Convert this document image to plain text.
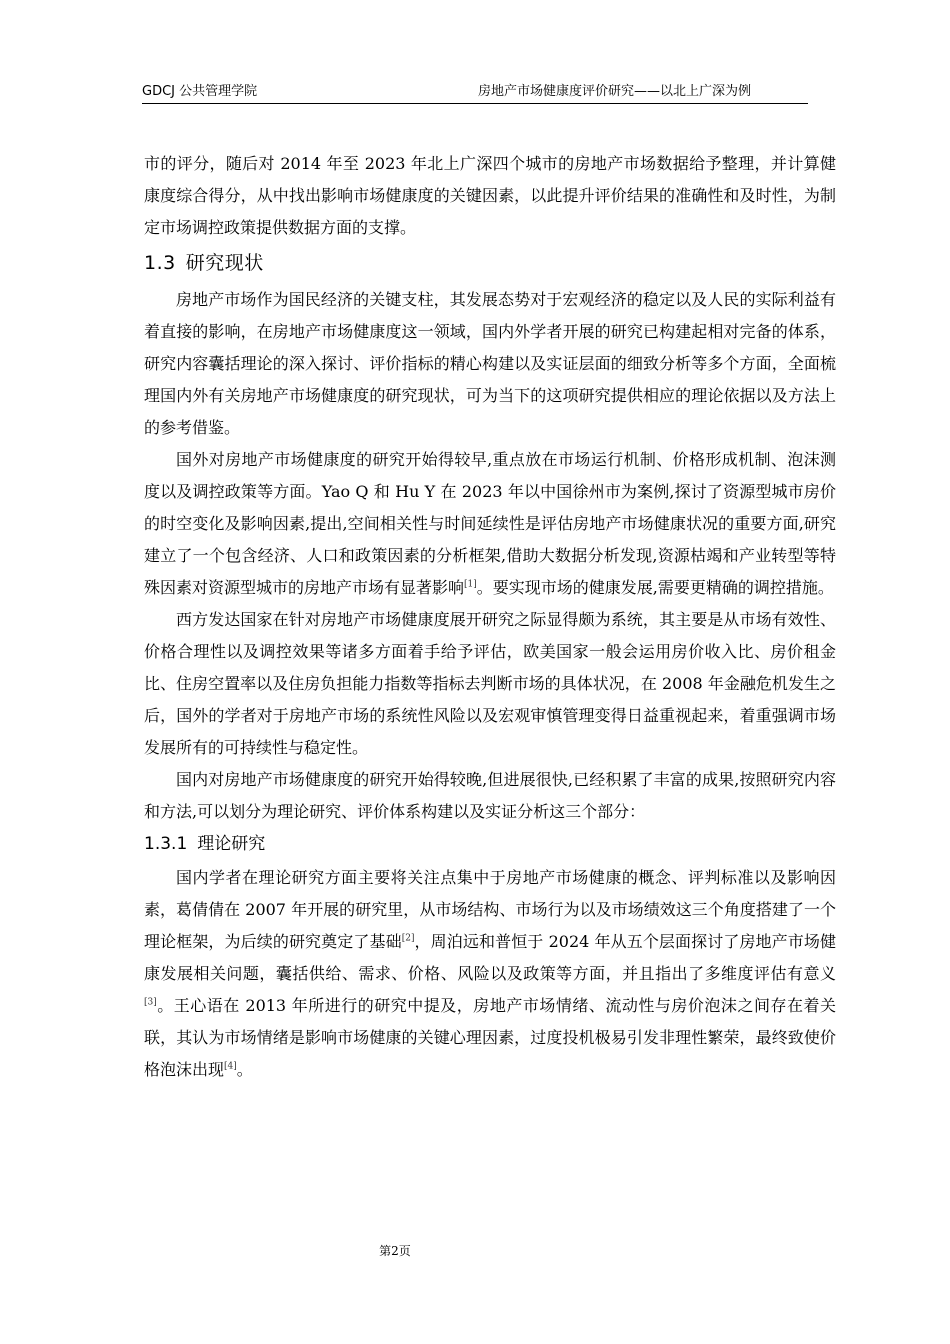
GDCJ 公共管理学院	房地产市场健康度评价研究——以北上广深为例

市的评分，随后对 2014 年至 2023 年北上广深四个城市的房地产市场数据给予整理，并计算健康度综合得分，从中找出影响市场健康度的关键因素，以此提升评价结果的准确性和及时性，为制定市场调控政策提供数据方面的支撑。

1.3 研究现状

房地产市场作为国民经济的关键支柱，其发展态势对于宏观经济的稳定以及人民的实际利益有着直接的影响，在房地产市场健康度这一领域，国内外学者开展的研究已构建起相对完备的体系，研究内容囊括理论的深入探讨、评价指标的精心构建以及实证层面的细致分析等多个方面，全面梳理国内外有关房地产市场健康度的研究现状，可为当下的这项研究提供相应的理论依据以及方法上的参考借鉴。

国外对房地产市场健康度的研究开始得较早,重点放在市场运行机制、价格形成机制、泡沫测度以及调控政策等方面。Yao Q 和 Hu Y 在 2023 年以中国徐州市为案例,探讨了资源型城市房价的时空变化及影响因素,提出,空间相关性与时间延续性是评估房地产市场健康状况的重要方面,研究建立了一个包含经济、人口和政策因素的分析框架,借助大数据分析发现,资源枯竭和产业转型等特殊因素对资源型城市的房地产市场有显著影响[1]。要实现市场的健康发展,需要更精确的调控措施。

西方发达国家在针对房地产市场健康度展开研究之际显得颇为系统，其主要是从市场有效性、价格合理性以及调控效果等诸多方面着手给予评估，欧美国家一般会运用房价收入比、房价租金比、住房空置率以及住房负担能力指数等指标去判断市场的具体状况，在 2008 年金融危机发生之后，国外的学者对于房地产市场的系统性风险以及宏观审慎管理变得日益重视起来，着重强调市场发展所有的可持续性与稳定性。

国内对房地产市场健康度的研究开始得较晚,但进展很快,已经积累了丰富的成果,按照研究内容和方法,可以划分为理论研究、评价体系构建以及实证分析这三个部分：

1.3.1 理论研究

国内学者在理论研究方面主要将关注点集中于房地产市场健康的概念、评判标准以及影响因素，葛倩倩在 2007 年开展的研究里，从市场结构、市场行为以及市场绩效这三个角度搭建了一个理论框架，为后续的研究奠定了基础[2]，周泊远和普恒于 2024 年从五个层面探讨了房地产市场健康发展相关问题，囊括供给、需求、价格、风险以及政策等方面，并且指出了多维度评估有意义[3]。王心语在 2013 年所进行的研究中提及，房地产市场情绪、流动性与房价泡沫之间存在着关联，其认为市场情绪是影响市场健康的关键心理因素，过度投机极易引发非理性繁荣，最终致使价格泡沫出现[4]。

第2页
